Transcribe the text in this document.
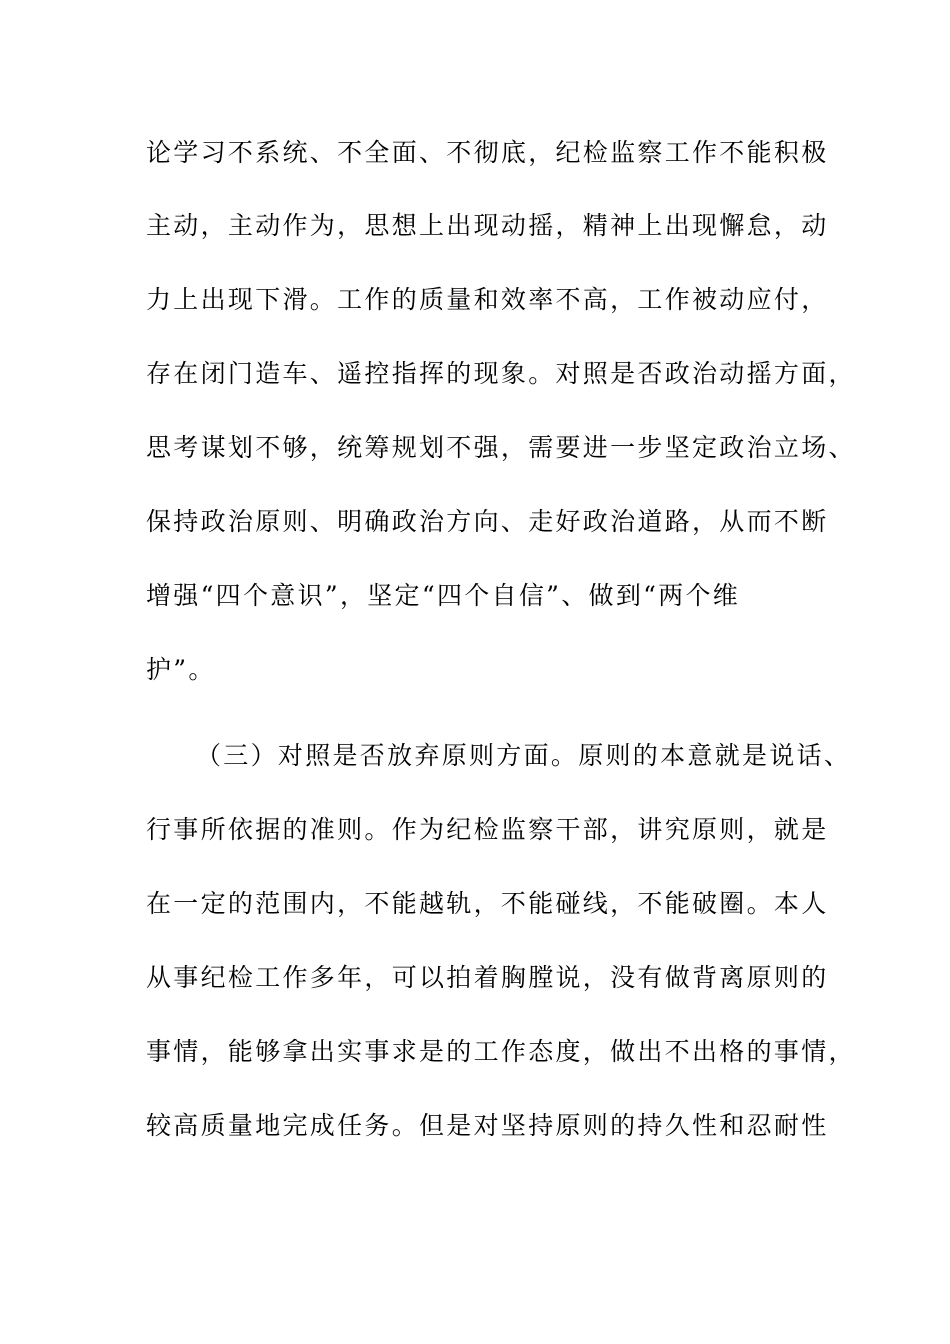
论学习不系统、不全面、不彻底，纪检监察工作不能积极
主动，主动作为，思想上出现动摇，精神上出现懈怠，动
力上出现下滑。工作的质量和效率不高，工作被动应付，
存在闭门造车、遥控指挥的现象。对照是否政治动摇方面，
思考谋划不够，统筹规划不强，需要进一步坚定政治立场、
保持政治原则、明确政治方向、走好政治道路，从而不断
增强“四个意识”，坚定“四个自信”、做到“两个维
护”。
（三）对照是否放弃原则方面。原则的本意就是说话、
行事所依据的准则。作为纪检监察干部，讲究原则，就是
在一定的范围内，不能越轨，不能碰线，不能破圈。本人
从事纪检工作多年，可以拍着胸膛说，没有做背离原则的
事情，能够拿出实事求是的工作态度，做出不出格的事情，
较高质量地完成任务。但是对坚持原则的持久性和忍耐性
